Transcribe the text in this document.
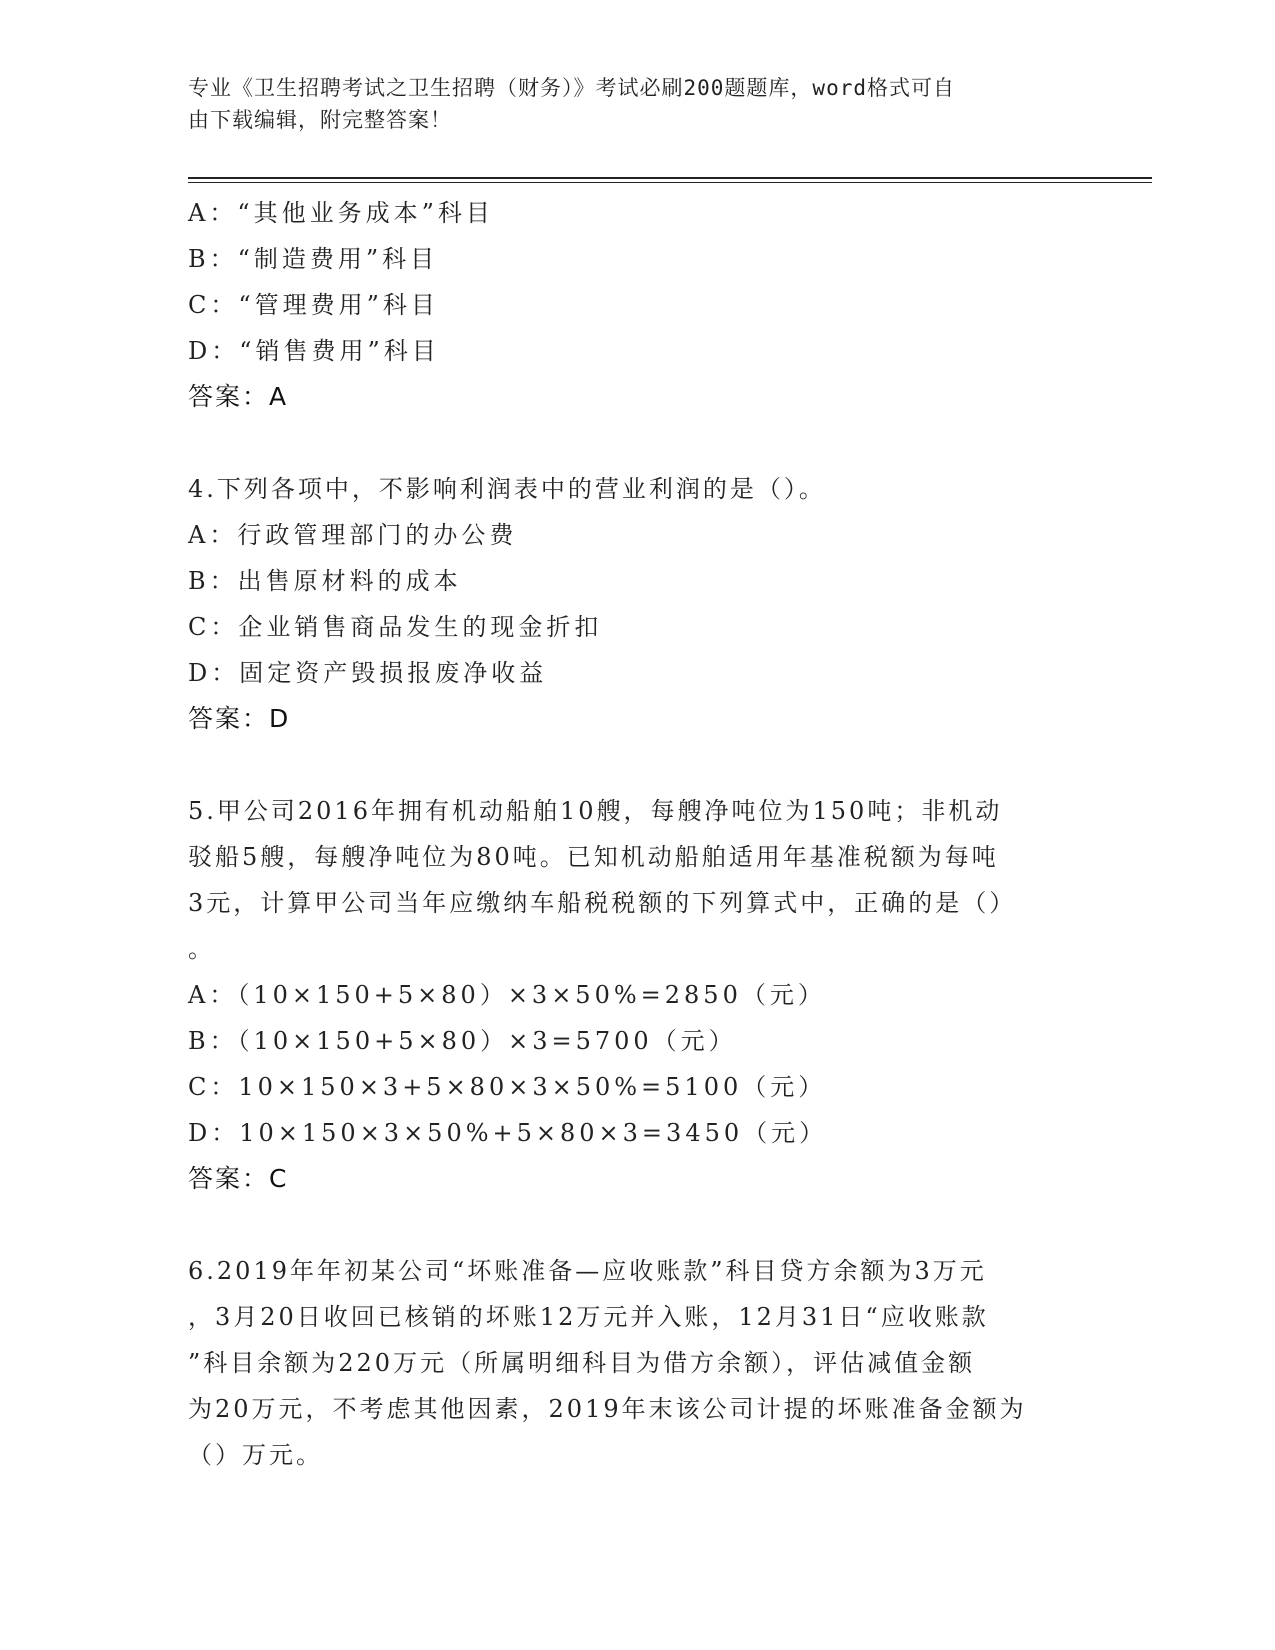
专业《卫生招聘考试之卫生招聘（财务）》考试必刷200题题库，word格式可自
由下载编辑，附完整答案！
A：“其他业务成本”科目
B：“制造费用”科目
C：“管理费用”科目
D：“销售费用”科目
答案：A
4.下列各项中，不影响利润表中的营业利润的是（）。
A：行政管理部门的办公费
B：出售原材料的成本
C：企业销售商品发生的现金折扣
D：固定资产毁损报废净收益
答案：D
5.甲公司2016年拥有机动船舶10艘，每艘净吨位为150吨；非机动
驳船5艘，每艘净吨位为80吨。已知机动船舶适用年基准税额为每吨
3元，计算甲公司当年应缴纳车船税税额的下列算式中，正确的是（）
。
A：（10×150+5×80）×3×50%=2850（元）
B：（10×150+5×80）×3=5700（元）
C：10×150×3+5×80×3×50%=5100（元）
D：10×150×3×50%+5×80×3=3450（元）
答案：C
6.2019年年初某公司“坏账准备—应收账款”科目贷方余额为3万元
，3月20日收回已核销的坏账12万元并入账，12月31日“应收账款
”科目余额为220万元（所属明细科目为借方余额），评估减值金额
为20万元，不考虑其他因素，2019年末该公司计提的坏账准备金额为
（）万元。
